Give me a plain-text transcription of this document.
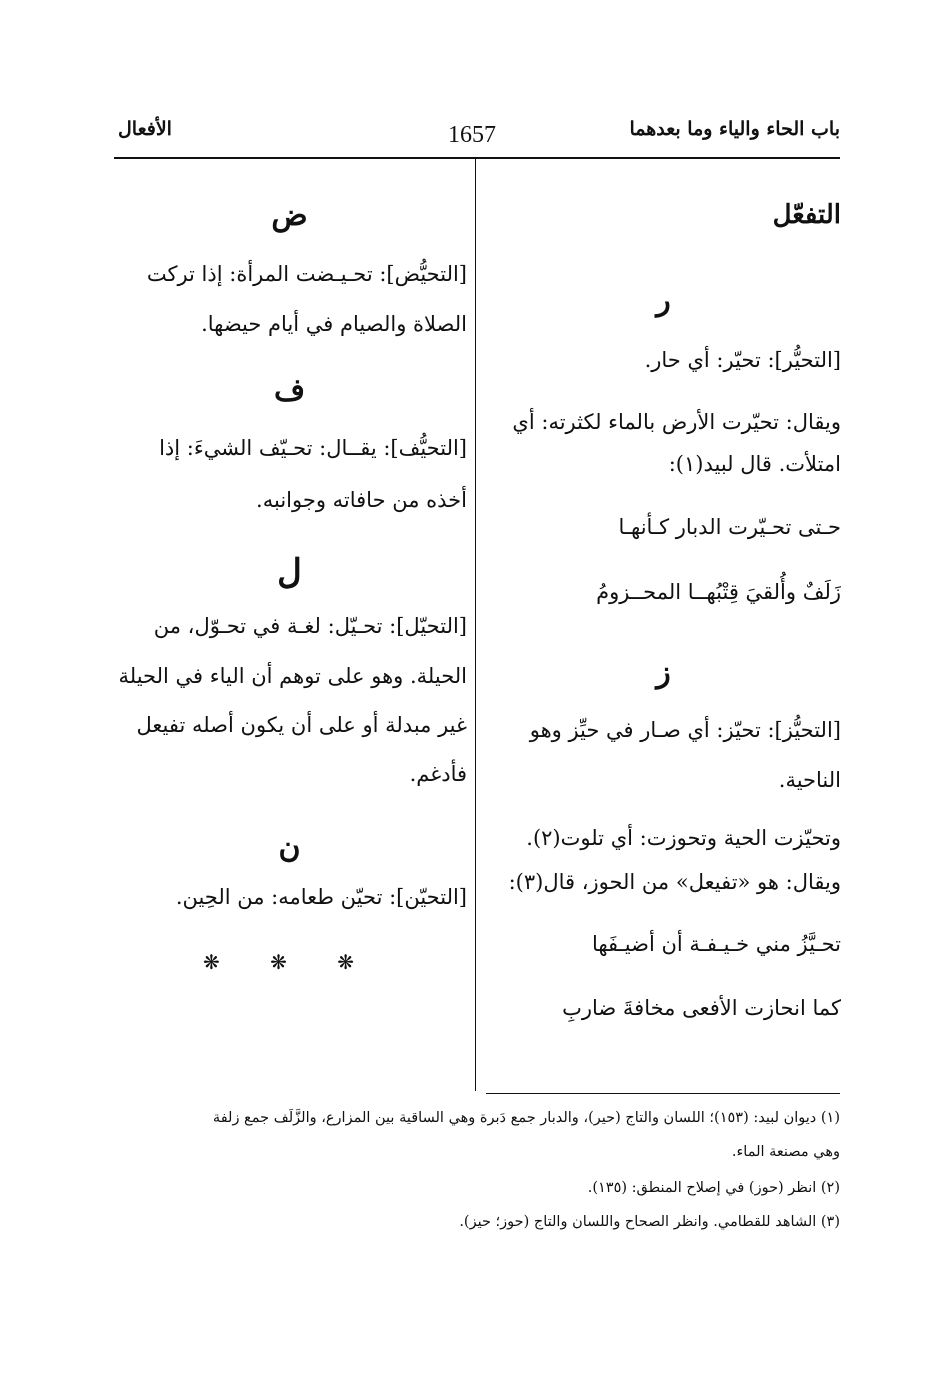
باب الحاء والياء وما بعدهما
1657
الأفعال
التفعّل
ر
[التحيُّر]: تحيّر: أي حار.
ويقال: تحيّرت الأرض بالماء لكثرته: أي
امتلأت. قال لبيد(١):
حـتى تحـيّرت الدبار كـأنهـا
زَلَفٌ وأُلقيَ قِتْبُهــا المحــزومُ
ز
[التحيُّز]: تحيّز: أي صـار في حيِّز وهو
الناحية.
وتحيّزت الحية وتحوزت: أي تلوت(٢).
ويقال: هو «تفيعل» من الحوز، قال(٣):
تحـيَّزُ مني خـيـفـة أن أضيـفَها
كما انحازت الأفعى مخافةَ ضاربِ
ض
[التحيُّض]: تحـيـضت المرأة: إذا تركت
الصلاة والصيام في أيام حيضها.
ف
[التحيُّف]: يقــال: تحـيّف الشيءَ: إذا
أخذه من حافاته وجوانبه.
ل
[التحيّل]: تحـيّل: لغـة في تحـوّل، من
الحيلة. وهو على توهم أن الياء في الحيلة
غير مبدلة أو على أن يكون أصله تفيعل
فأدغم.
ن
[التحيّن]: تحيّن طعامه: من الحِين.
❋ ❋ ❋
(١) ديوان لبيد: (١٥٣)؛ اللسان والتاج (حير)، والدبار جمع دَبرة وهي الساقية بين المزارع، والزَّلَف جمع زلفة
وهي مصنعة الماء.
(٢) انظر (حوز) في إصلاح المنطق: (١٣٥).
(٣) الشاهد للقطامي. وانظر الصحاح واللسان والتاج (حوز؛ حيز).
